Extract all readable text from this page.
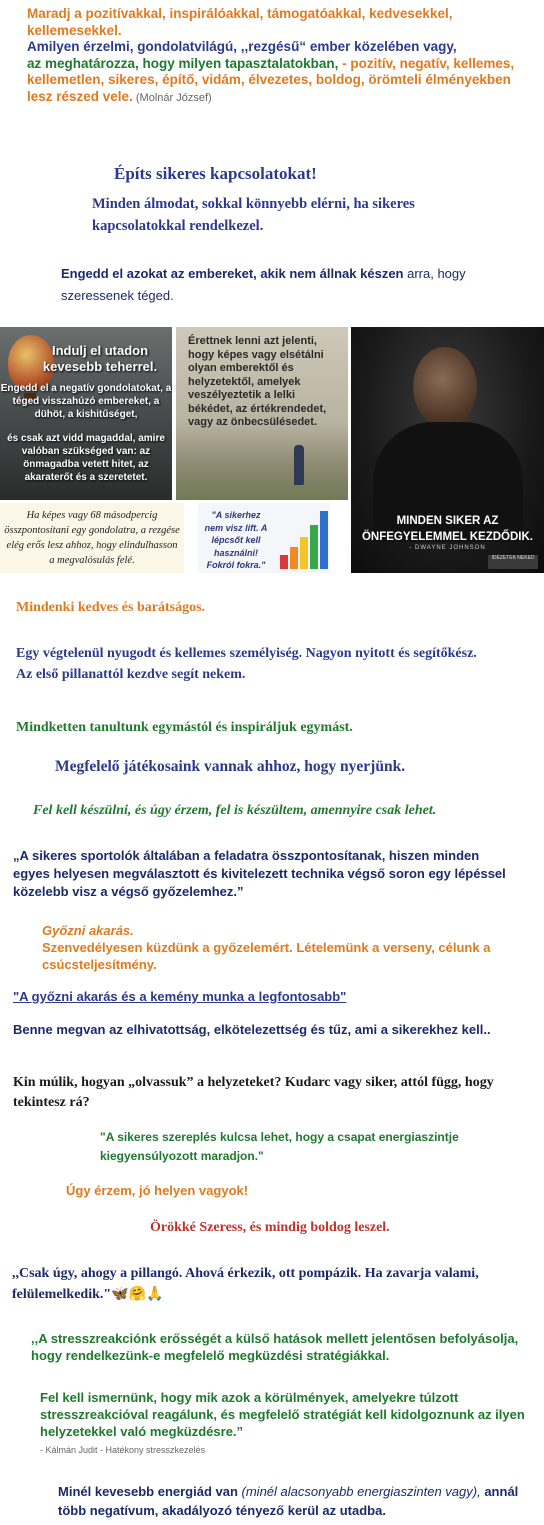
Maradj a pozitívakkal, inspirálóakkal, támogatóakkal, kedvesekkel, kellemesekkel.
Amilyen érzelmi, gondolatvilágú, ,,rezgésű“ ember közelében vagy,
az meghatározza, hogy milyen tapasztalatokban, - pozitív, negatív, kellemes, kellemetlen, sikeres, építő, vidám, élvezetes, boldog, örömteli élményekben lesz részed vele. (Molnár József)
Építs sikeres kapcsolatokat!
Minden álmodat, sokkal könnyebb elérni, ha sikeres kapcsolatokkal rendelkezel.
Engedd el azokat az embereket, akik nem állnak készen arra, hogy szeressenek téged.
Indulj el utadon kevesebb teherrel.
Engedd el a negatív gondolatokat, a téged visszahúzó embereket, a dühöt, a kishitűséget,
és csak azt vidd magaddal, amire valóban szükséged van: az önmagadba vetett hitet, az akaraterőt és a szeretetet.
Érettnek lenni azt jelenti, hogy képes vagy elsétálni olyan emberektől és helyzetektől, amelyek veszélyeztetik a lelki békédet, az értékrendedet, vagy az önbecsülésedet.
MINDEN SIKER AZ ÖNFEGYELEMMEL KEZDŐDIK.
- DWAYNE JOHNSON
IDÉZETEK NEKED
Ha képes vagy 68 másodpercig összpontosítani egy gondolatra, a rezgése elég erős lesz ahhoz, hogy elindulhasson a megvalósulás felé.
"A sikerhez nem visz lift. A lépcsőt kell használni! Fokról fokra."
Mindenki kedves és barátságos.
Egy végtelenül nyugodt és kellemes személyiség. Nagyon nyitott és segítőkész. Az első pillanattól kezdve segít nekem.
Mindketten tanultunk egymástól és inspiráljuk egymást.
Megfelelő játékosaink vannak ahhoz, hogy nyerjünk.
Fel kell készülni, és úgy érzem, fel is készültem, amennyire csak lehet.
„A sikeres sportolók általában a feladatra összpontosítanak, hiszen minden egyes helyesen megválasztott és kivitelezett technika végső soron egy lépéssel közelebb visz a végső győzelemhez.”
Győzni akarás.
Szenvedélyesen küzdünk a győzelemért. Lételemünk a verseny, célunk a csúcsteljesítmény.
"A győzni akarás és a kemény munka a legfontosabb"
Benne megvan az elhivatottság, elkötelezettség és tűz, ami a sikerekhez kell..
Kin múlik, hogyan „olvassuk” a helyzeteket? Kudarc vagy siker, attól függ, hogy tekintesz rá?
"A sikeres szereplés kulcsa lehet, hogy a csapat energiaszintje kiegyensúlyozott maradjon."
Úgy érzem, jó helyen vagyok!
Örökké Szeress, és mindig boldog leszel.
,,Csak úgy, ahogy a pillangó. Ahová érkezik, ott pompázik. Ha zavarja valami, felülemelkedik."🦋🤗🙏
,,A stresszreakciónk erősségét a külső hatások mellett jelentősen befolyásolja, hogy rendelkezünk-e megfelelő megküzdési stratégiákkal.
Fel kell ismernünk, hogy mik azok a körülmények, amelyekre túlzott stresszreakcióval reagálunk, és megfelelő stratégiát kell kidolgoznunk az ilyen helyzetekkel való megküzdésre.”
- Kálmán Judit - Hatékony stresszkezelés
Minél kevesebb energiád van (minél alacsonyabb energiaszinten vagy), annál több negatívum, akadályozó tényező kerül az utadba.
